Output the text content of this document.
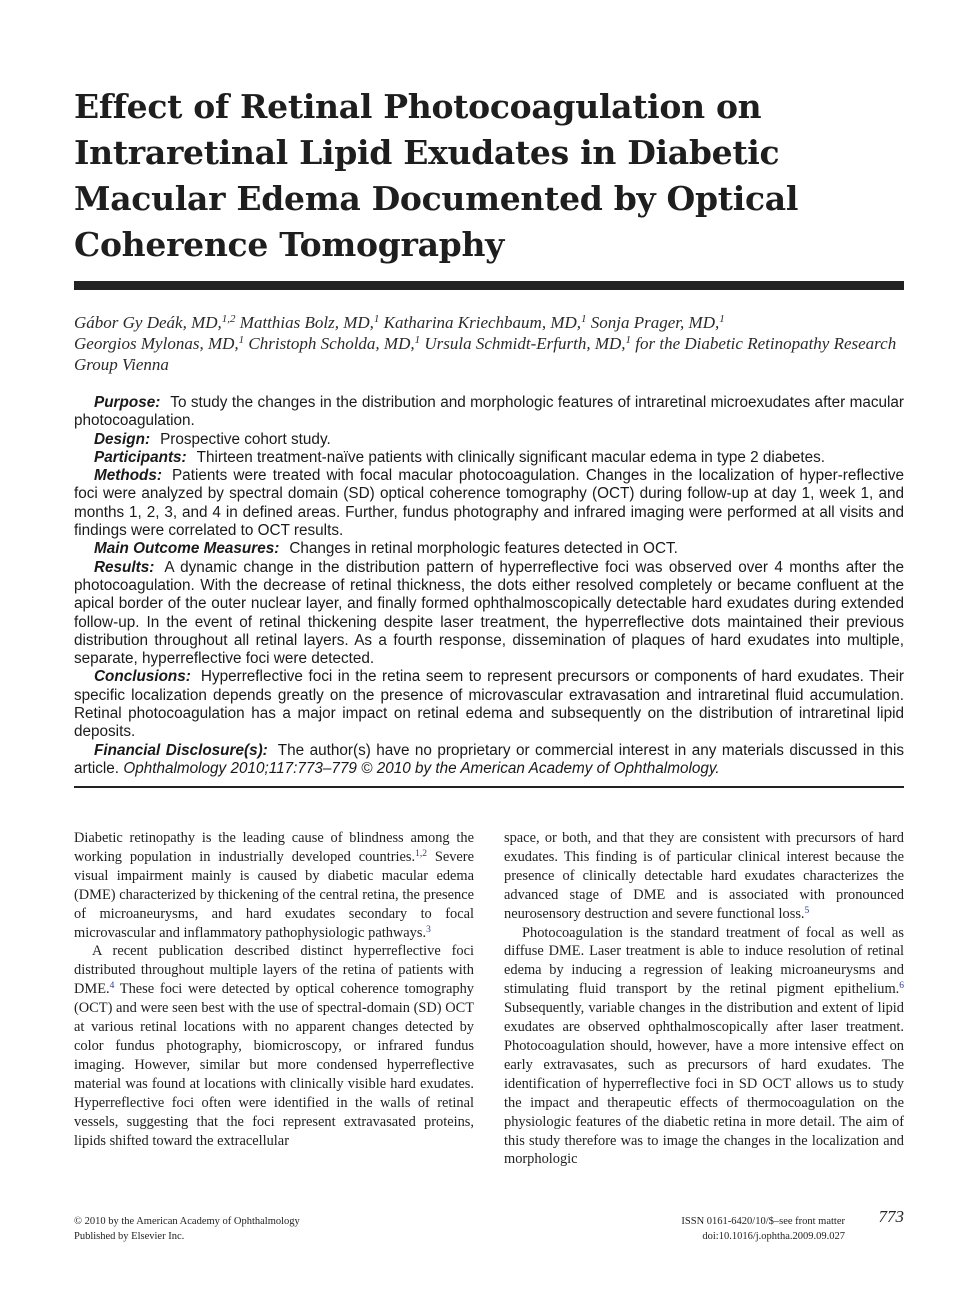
Effect of Retinal Photocoagulation on Intraretinal Lipid Exudates in Diabetic Macular Edema Documented by Optical Coherence Tomography
Gábor Gy Deák, MD,$^{1,2}$ Matthias Bolz, MD,$^1$ Katharina Kriechbaum, MD,$^1$ Sonja Prager, MD,$^1$
Georgios Mylonas, MD,$^1$ Christoph Scholda, MD,$^1$ Ursula Schmidt-Erfurth, MD,$^1$ for the Diabetic Retinopathy Research Group Vienna

Purpose: To study the changes in the distribution and morphologic features of intraretinal microexudates after macular photocoagulation.

Design: Prospective cohort study.

Participants: Thirteen treatment-naïve patients with clinically significant macular edema in type 2 diabetes.

Methods: Patients were treated with focal macular photocoagulation. Changes in the localization of hyper-reflective foci were analyzed by spectral domain (SD) optical coherence tomography (OCT) during follow-up at day 1, week 1, and months 1, 2, 3, and 4 in defined areas. Further, fundus photography and infrared imaging were performed at all visits and findings were correlated to OCT results.

Main Outcome Measures: Changes in retinal morphologic features detected in OCT.

Results: A dynamic change in the distribution pattern of hyperreflective foci was observed over 4 months after the photocoagulation. With the decrease of retinal thickness, the dots either resolved completely or became confluent at the apical border of the outer nuclear layer, and finally formed ophthalmoscopically detectable hard exudates during extended follow-up. In the event of retinal thickening despite laser treatment, the hyperreflective dots maintained their previous distribution throughout all retinal layers. As a fourth response, dissemination of plaques of hard exudates into multiple, separate, hyperreflective foci were detected.

Conclusions: Hyperreflective foci in the retina seem to represent precursors or components of hard exudates. Their specific localization depends greatly on the presence of microvascular extravasation and intraretinal fluid accumulation. Retinal photocoagulation has a major impact on retinal edema and subsequently on the distribution of intraretinal lipid deposits.

Financial Disclosure(s): The author(s) have no proprietary or commercial interest in any materials discussed in this article. Ophthalmology 2010;117:773–779 © 2010 by the American Academy of Ophthalmology.

Diabetic retinopathy is the leading cause of blindness among the working population in industrially developed countries.$^{1,2}$ Severe visual impairment mainly is caused by diabetic macular edema (DME) characterized by thickening of the central retina, the presence of microaneurysms, and hard exudates secondary to focal microvascular and inflammatory pathophysiologic pathways.$^3$

A recent publication described distinct hyperreflective foci distributed throughout multiple layers of the retina of patients with DME.$^4$ These foci were detected by optical coherence tomography (OCT) and were seen best with the use of spectral-domain (SD) OCT at various retinal locations with no apparent changes detected by color fundus photography, biomicroscopy, or infrared fundus imaging. However, similar but more condensed hyperreflective material was found at locations with clinically visible hard exudates. Hyperreflective foci often were identified in the walls of retinal vessels, suggesting that the foci represent extravasated proteins, lipids shifted toward the extracellular

space, or both, and that they are consistent with precursors of hard exudates. This finding is of particular clinical interest because the presence of clinically detectable hard exudates characterizes the advanced stage of DME and is associated with pronounced neurosensory destruction and severe functional loss.$^5$

Photocoagulation is the standard treatment of focal as well as diffuse DME. Laser treatment is able to induce resolution of retinal edema by inducing a regression of leaking microaneurysms and stimulating fluid transport by the retinal pigment epithelium.$^6$ Subsequently, variable changes in the distribution and extent of lipid exudates are observed ophthalmoscopically after laser treatment. Photocoagulation should, however, have a more intensive effect on early extravasates, such as precursors of hard exudates. The identification of hyperreflective foci in SD OCT allows us to study the impact and therapeutic effects of thermocoagulation on the physiologic features of the diabetic retina in more detail. The aim of this study therefore was to image the changes in the localization and morphologic

© 2010 by the American Academy of Ophthalmology
Published by Elsevier Inc.
ISSN 0161-6420/10/$–see front matter
doi:10.1016/j.ophtha.2009.09.027
773
